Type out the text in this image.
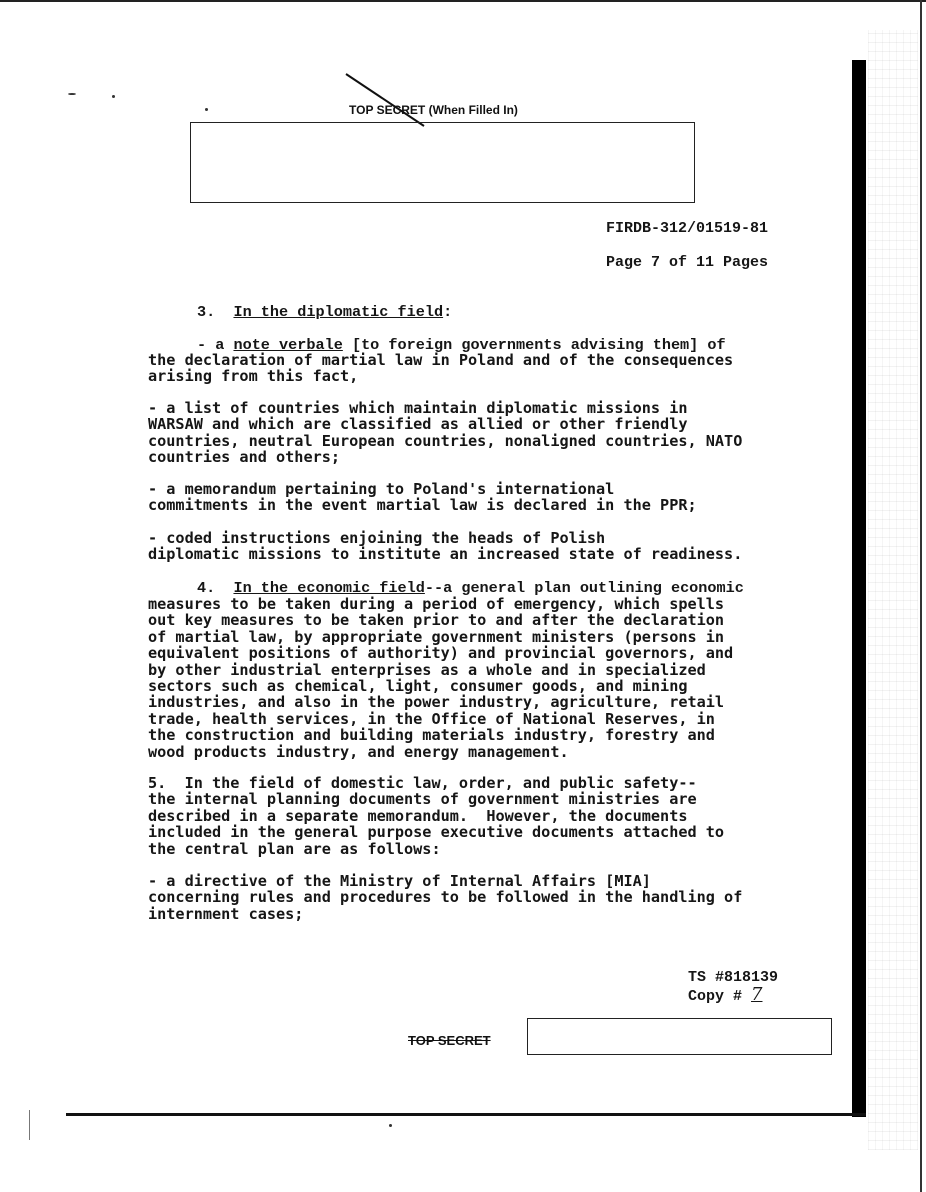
TOP SECRET (When Filled In)
FIRDB-312/01519-81
Page 7 of 11 Pages
3. In the diplomatic field:
- a note verbale [to foreign governments advising them] of
the declaration of martial law in Poland and of the consequences
arising from this fact,
- a list of countries which maintain diplomatic missions in
WARSAW and which are classified as allied or other friendly
countries, neutral European countries, nonaligned countries, NATO
countries and others;
- a memorandum pertaining to Poland's international
commitments in the event martial law is declared in the PPR;
- coded instructions enjoining the heads of Polish
diplomatic missions to institute an increased state of readiness.
4. In the economic field--a general plan outlining economic
measures to be taken during a period of emergency, which spells
out key measures to be taken prior to and after the declaration
of martial law, by appropriate government ministers (persons in
equivalent positions of authority) and provincial governors, and
by other industrial enterprises as a whole and in specialized
sectors such as chemical, light, consumer goods, and mining
industries, and also in the power industry, agriculture, retail
trade, health services, in the Office of National Reserves, in
the construction and building materials industry, forestry and
wood products industry, and energy management.
5.  In the field of domestic law, order, and public safety--
the internal planning documents of government ministries are
described in a separate memorandum.  However, the documents
included in the general purpose executive documents attached to
the central plan are as follows:
- a directive of the Ministry of Internal Affairs [MIA]
concerning rules and procedures to be followed in the handling of
internment cases;
TS #818139
Copy # 7
TOP SECRET
